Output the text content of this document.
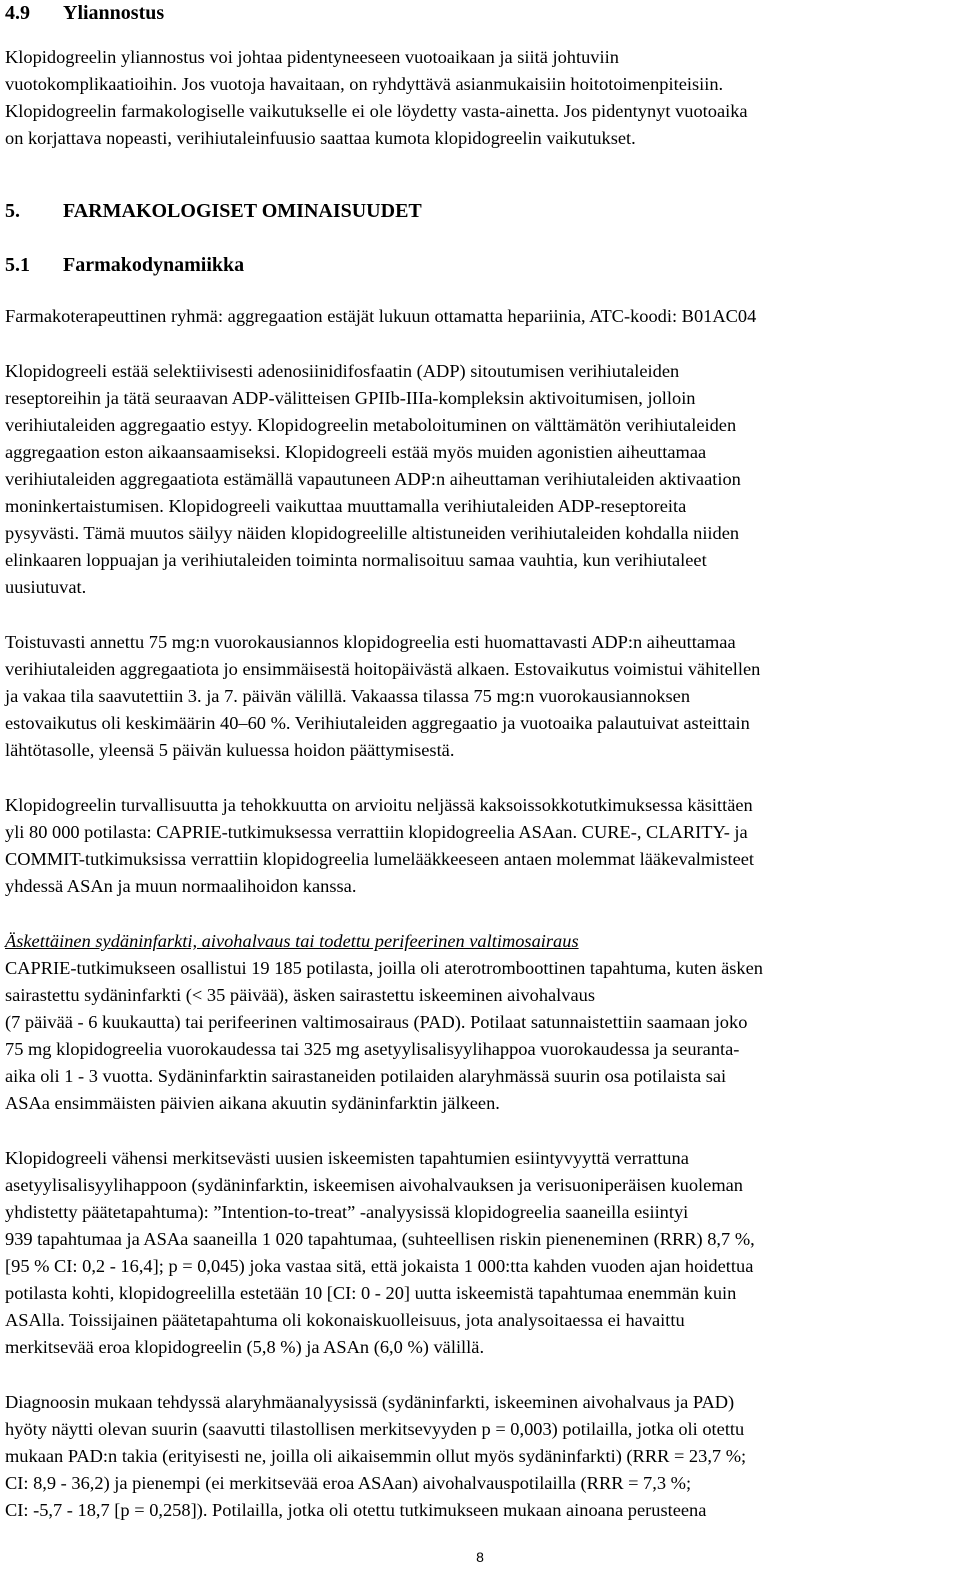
4.9 Yliannostus
Klopidogreelin yliannostus voi johtaa pidentyneeseen vuotoaikaan ja siitä johtuviin
vuotokomplikaatioihin. Jos vuotoja havaitaan, on ryhdyttävä asianmukaisiin hoitotoimenpiteisiin.
Klopidogreelin farmakologiselle vaikutukselle ei ole löydetty vasta-ainetta. Jos pidentynyt vuotoaika
on korjattava nopeasti, verihiutaleinfuusio saattaa kumota klopidogreelin vaikutukset.
5. FARMAKOLOGISET OMINAISUUDET
5.1 Farmakodynamiikka
Farmakoterapeuttinen ryhmä: aggregaation estäjät lukuun ottamatta hepariinia, ATC-koodi: B01AC04
Klopidogreeli estää selektiivisesti adenosiinidifosfaatin (ADP) sitoutumisen verihiutaleiden
reseptoreihin ja tätä seuraavan ADP-välitteisen GPIIb-IIIa-kompleksin aktivoitumisen, jolloin
verihiutaleiden aggregaatio estyy. Klopidogreelin metaboloituminen on välttämätön verihiutaleiden
aggregaation eston aikaansaamiseksi. Klopidogreeli estää myös muiden agonistien aiheuttamaa
verihiutaleiden aggregaatiota estämällä vapautuneen ADP:n aiheuttaman verihiutaleiden aktivaation
moninkertaistumisen. Klopidogreeli vaikuttaa muuttamalla verihiutaleiden ADP-reseptoreita
pysyvästi. Tämä muutos säilyy näiden klopidogreelille altistuneiden verihiutaleiden kohdalla niiden
elinkaaren loppuajan ja verihiutaleiden toiminta normalisoituu samaa vauhtia, kun verihiutaleet
uusiutuvat.
Toistuvasti annettu 75 mg:n vuorokausiannos klopidogreelia esti huomattavasti ADP:n aiheuttamaa
verihiutaleiden aggregaatiota jo ensimmäisestä hoitopäivästä alkaen. Estovaikutus voimistui vähitellen
ja vakaa tila saavutettiin 3. ja 7. päivän välillä. Vakaassa tilassa 75 mg:n vuorokausiannoksen
estovaikutus oli keskimäärin 40–60 %. Verihiutaleiden aggregaatio ja vuotoaika palautuivat asteittain
lähtötasolle, yleensä 5 päivän kuluessa hoidon päättymisestä.
Klopidogreelin turvallisuutta ja tehokkuutta on arvioitu neljässä kaksoissokkotutkimuksessa käsittäen
yli 80 000 potilasta: CAPRIE-tutkimuksessa verrattiin klopidogreelia ASAan. CURE-, CLARITY- ja
COMMIT-tutkimuksissa verrattiin klopidogreelia lumelääkkeeseen antaen molemmat lääkevalmisteet
yhdessä ASAn ja muun normaalihoidon kanssa.
Äskettäinen sydäninfarkti, aivohalvaus tai todettu perifeerinen valtimosairaus
CAPRIE-tutkimukseen osallistui 19 185 potilasta, joilla oli aterotromboottinen tapahtuma, kuten äsken
sairastettu sydäninfarkti (< 35 päivää), äsken sairastettu iskeeminen aivohalvaus
(7 päivää - 6 kuukautta) tai perifeerinen valtimosairaus (PAD). Potilaat satunnaistettiin saamaan joko
75 mg klopidogreelia vuorokaudessa tai 325 mg asetyylisalisyylihappoa vuorokaudessa ja seuranta-
aika oli 1 - 3 vuotta. Sydäninfarktin sairastaneiden potilaiden alaryhmässä suurin osa potilaista sai
ASAa ensimmäisten päivien aikana akuutin sydäninfarktin jälkeen.
Klopidogreeli vähensi merkitsevästi uusien iskeemisten tapahtumien esiintyvyyttä verrattuna
asetyylisalisyylihappoon (sydäninfarktin, iskeemisen aivohalvauksen ja verisuoniperäisen kuoleman
yhdistetty päätetapahtuma): ”Intention-to-treat” -analyysissä klopidogreelia saaneilla esiintyi
939 tapahtumaa ja ASAa saaneilla 1 020 tapahtumaa, (suhteellisen riskin pieneneminen (RRR) 8,7 %,
[95 % CI: 0,2 - 16,4]; p = 0,045) joka vastaa sitä, että jokaista 1 000:tta kahden vuoden ajan hoidettua
potilasta kohti, klopidogreelilla estetään 10 [CI: 0 - 20] uutta iskeemistä tapahtumaa enemmän kuin
ASAlla. Toissijainen päätetapahtuma oli kokonaiskuolleisuus, jota analysoitaessa ei havaittu
merkitsevää eroa klopidogreelin (5,8 %) ja ASAn (6,0 %) välillä.
Diagnoosin mukaan tehdyssä alaryhmäanalyysissä (sydäninfarkti, iskeeminen aivohalvaus ja PAD)
hyöty näytti olevan suurin (saavutti tilastollisen merkitsevyyden p = 0,003) potilailla, jotka oli otettu
mukaan PAD:n takia (erityisesti ne, joilla oli aikaisemmin ollut myös sydäninfarkti) (RRR = 23,7 %;
CI: 8,9 - 36,2) ja pienempi (ei merkitsevää eroa ASAan) aivohalvauspotilailla (RRR = 7,3 %;
CI: -5,7 - 18,7 [p = 0,258]). Potilailla, jotka oli otettu tutkimukseen mukaan ainoana perusteena
8
